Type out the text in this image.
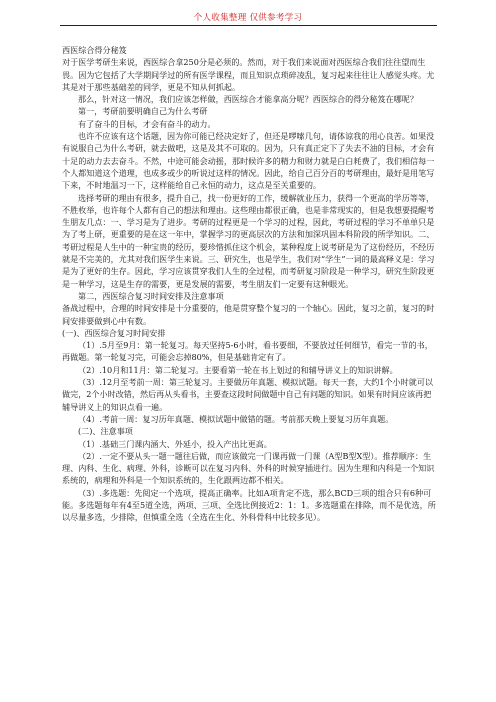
个人收集整理 仅供参考学习

西医综合得分秘笈

对于医学考研生来说，西医综合拿250分是必须的。然而，对于我们来说面对西医综合我们往往望而生畏。因为它包括了大学期间学过的所有医学课程，而且知识点琐碎凌乱，复习起来往往让人感觉头疼。尤其是对于那些基础差的同学，更是不知从何抓起。

那么，针对这一情况，我们应该怎样做，西医综合才能拿高分呢？西医综合的得分秘笈在哪呢？

第一，考研前要明确自己为什么考研

有了奋斗的目标，才会有奋斗的动力。

也许不应该有这个话题，因为你可能已经决定好了，但还是啰嗦几句，请体谅我的用心良苦。如果没有说服自己为什么考研，就去做吧，这是及其不可取的。因为，只有真正定下了失去不油的目标，才会有十足的动力去去奋斗。不然，中途可能会动摇，那时候许多的精力和财力就是白白耗费了，我们相信每一个人都知道这个道理，也成多或少的听说过这样的情况。因此，给自己百分百的考研理由，最好是用笔写下来，不时地温习一下，这样能给自己永恒的动力，这点是至关重要的。

选择考研的理由有很多，提升自己，找一份更好的工作，缓解就业压力，获得一个更高的学历等等，不胜枚举，也许每个人都有自己的想法和理由。这些理由都很正确，也是非常现实的，但是我想要提醒考生朋友几点：一、学习是为了进步。考研的过程更是一个学习的过程，因此，考研过程的学习不单单只是为了考上研，更重要的是在这一年中，掌握学习的更高层次的方法和加深巩固本科阶段的所学知识。二、考研过程是人生中的一种宝贵的经历，要珍惜抓住这个机会，某种程度上说考研是为了这份经历，不经历就是不完美的，尤其对我们医学生来说。三、研究生，也是学生，我们对“学生”一词的最高释义是：学习是为了更好的生存。因此，学习应该贯穿我们人生的全过程，而考研复习阶段是一种学习，研究生阶段更是一种学习，这是生存的需要，更是发展的需要，考生朋友们一定要有这种眼光。

第二，西医综合复习时间安排及注意事项

备战过程中，合理的时间安排是十分重要的，他是贯穿整个复习的一个轴心。因此，复习之前，复习的时间安排要做到心中有数。

(一)、西医综合复习时间安排

（1）.5月至9月：第一轮复习。每天坚持5-6小时，看书要细，不要放过任何细节，看完一节的书，再做题。第一轮复习完，可能会忘掉80%，但是基础肯定有了。

（2）.10月和11月：第二轮复习。主要看第一轮在书上划过的和辅导讲义上的知识讲解。

（3）.12月至考前一周：第三轮复习。主要做历年真题、模拟试题。每天一套，大约1个小时就可以做完，2个小时改错，然后再从头看书，主要查这段时间做题中自己有问题的知识。如果有时间应该再把辅导讲义上的知识点看一遍。

（4）.考前一周：复习历年真题、模拟试题中做错的题。考前那天晚上要复习历年真题。

(二)、注意事项

（1）.基础三门课内涵大、外延小，投入产出比更高。

（2）.一定不要从头一题一题往后做，而应该做完一门课再做一门课（A型B型X型）。推荐顺序：生理、内科、生化、病理、外科，诊断可以在复习内科、外科的时候穿插进行。因为生理和内科是一个知识系统的，病理和外科是一个知识系统的，生化跟两边都不相关。

（3）.多选题：先阅定一个选项，提高正确率。比如A项肯定不选，那么BCD三项的组合只有6种可能。多选题每年有4至5道全选，两项、三项、全选比例接近2：1：1。多选题重在排除，而不是优选，所以尽量多选，少排除，但慎重全选（全选在生化、外科骨科中比较多见）。
